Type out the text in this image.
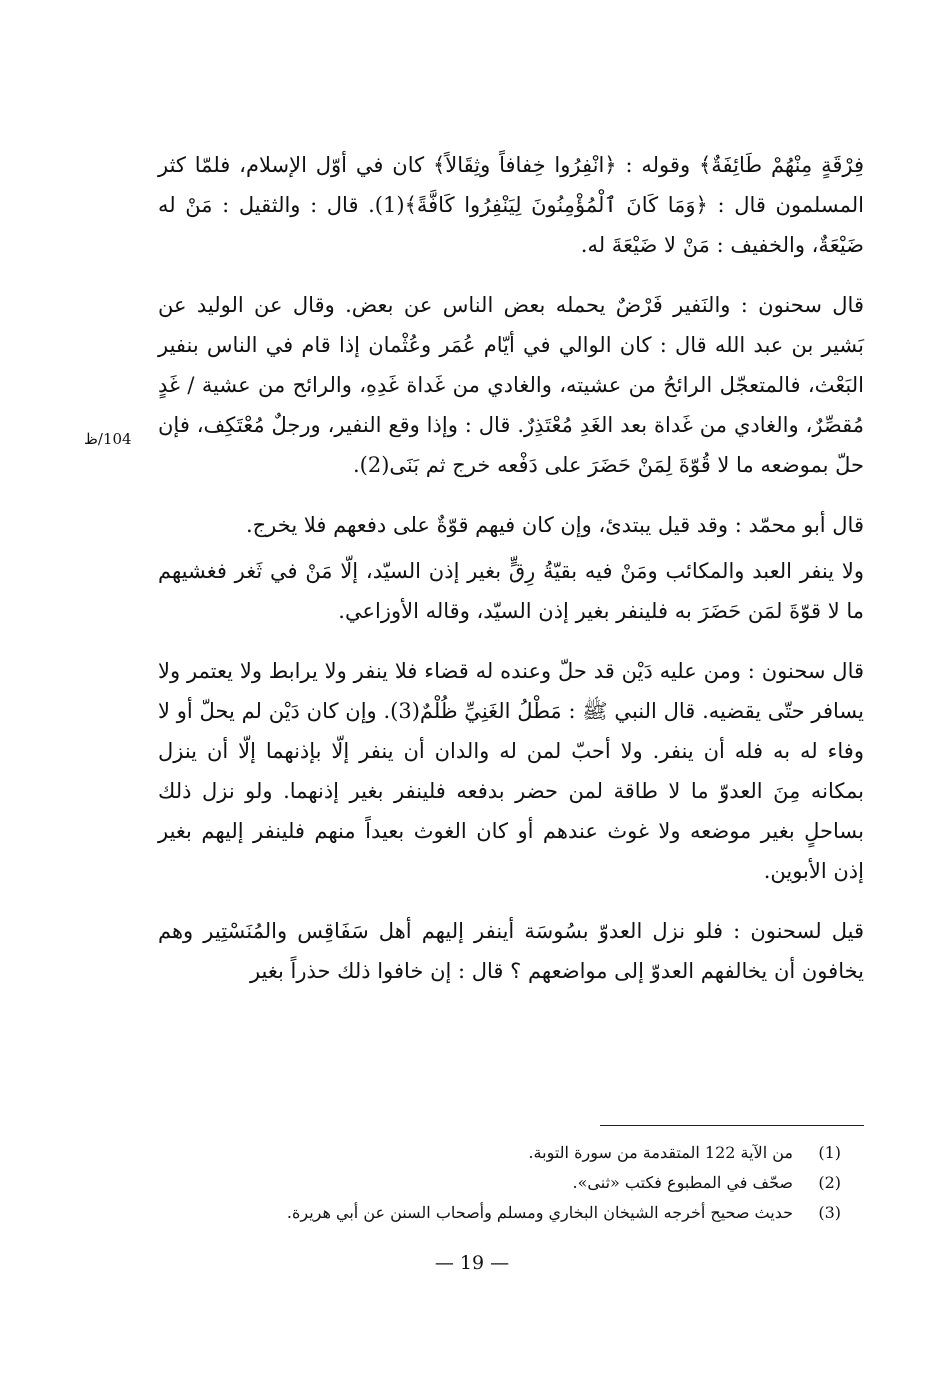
فِرْقَةٍ مِنْهُمْ طَائِفَةٌ﴾ وقوله : ﴿انْفِرُوا خِفافاً وثِقَالاً﴾ كان في أوّل الإسلام، فلمّا كثر المسلمون قال : ﴿وَمَا كَانَ ٱلْمُؤْمِنُونَ لِيَنْفِرُوا كَافَّةً﴾(1). قال : والثقيل : مَنْ له ضَيْعَةٌ، والخفيف : مَنْ لا ضَيْعَةَ له.

قال سحنون : والنَفير فَرْضٌ يحمله بعض الناس عن بعض. وقال عن الوليد عن بَشير بن عبد الله قال : كان الوالي في أيّام عُمَر وعُثْمان إذا قام في الناس بنفير البَعْث، فالمتعجّل الرائحُ من عشيته، والغادي من غَداة غَدِهِ، والرائح من عشية / غَدٍ مُقصِّرٌ، والغادي من غَداة بعد الغَدِ مُعْتَذِرٌ. قال : وإذا وقع النفير، ورجلٌ مُعْتَكِف، فإن حلّ بموضعه ما لا قُوّةَ لِمَنْ حَضَرَ على دَفْعه خرج ثم بَنَى(2).

قال أبو محمّد : وقد قيل يبتدئ، وإن كان فيهم قوّةٌ على دفعهم فلا يخرج.

ولا ينفر العبد والمكائب ومَنْ فيه بقيّةُ رِقٍّ بغير إذن السيّد، إلّا مَنْ في ثَغر فغشيهم ما لا قوّةَ لمَن حَضَرَ به فلينفر بغير إذن السيّد، وقاله الأوزاعي.

قال سحنون : ومن عليه دَيْن قد حلّ وعنده له قضاء فلا ينفر ولا يرابط ولا يعتمر ولا يسافر حتّى يقضيه. قال النبي ﷺ : مَطْلُ الغَنِيِّ ظُلْمٌ(3). وإن كان دَيْن لم يحلّ أو لا وفاء له به فله أن ينفر. ولا أحبّ لمن له والدان أن ينفر إلّا بإذنهما إلّا أن ينزل بمكانه مِنَ العدوّ ما لا طاقة لمن حضر بدفعه فلينفر بغير إذنهما. ولو نزل ذلك بساحلٍ بغير موضعه ولا غوث عندهم أو كان الغوث بعيداً منهم فلينفر إليهم بغير إذن الأبوين.

قيل لسحنون : فلو نزل العدوّ بسُوسَة أينفر إليهم أهل سَفَاقِس والمُنَسْتِير وهم يخافون أن يخالفهم العدوّ إلى مواضعهم ؟ قال : إن خافوا ذلك حذراً بغير

104/ظ
(1)
من الآية 122 المتقدمة من سورة التوبة.
(2)
صحّف في المطبوع فكتب «ثنى».
(3)
حديث صحيح أخرجه الشيخان البخاري ومسلم وأصحاب السنن عن أبي هريرة.
— 19 —
